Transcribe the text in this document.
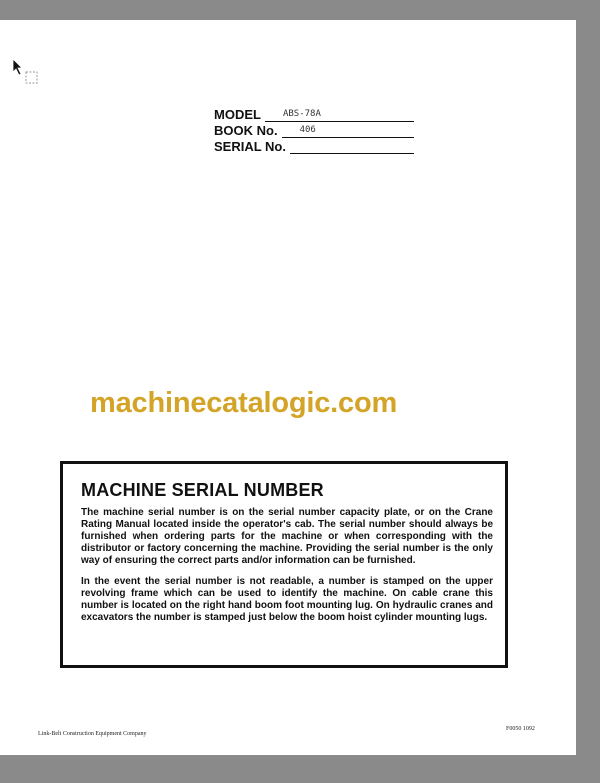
MODEL ABS-78A
BOOK No. 406
SERIAL No.
machinecatalogic.com
MACHINE SERIAL NUMBER

The machine serial number is on the serial number capacity plate, or on the Crane Rating Manual located inside the operator's cab. The serial number should always be furnished when ordering parts for the machine or when corresponding with the distributor or factory concerning the machine. Providing the serial number is the only way of ensuring the correct parts and/or information can be furnished.

In the event the serial number is not readable, a number is stamped on the upper revolving frame which can be used to identify the machine. On cable crane this number is located on the right hand boom foot mounting lug. On hydraulic cranes and excavators the number is stamped just below the boom hoist cylinder mounting lugs.

Link-Belt Construction Equipment Company
F0050 1092
